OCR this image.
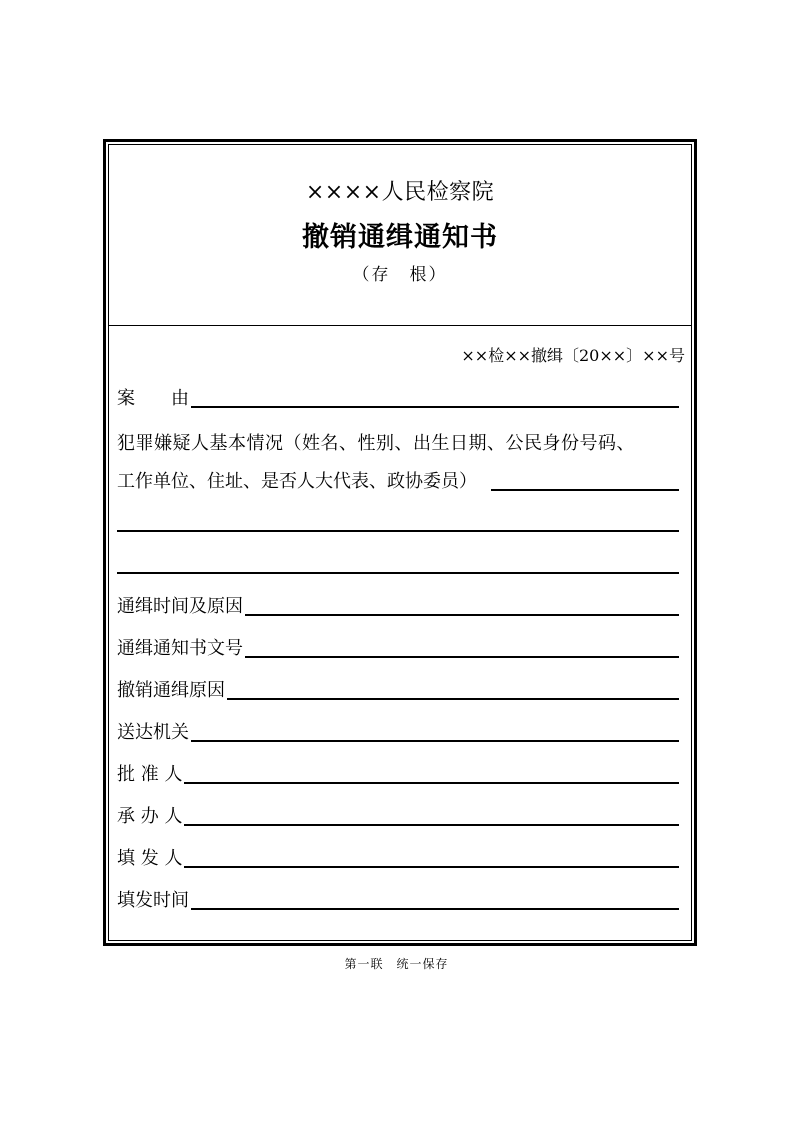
××××人民检察院
撤销通缉通知书
（存　根）
××检××撤缉〔20××〕××号
案　　由
犯罪嫌疑人基本情况（姓名、性别、出生日期、公民身份号码、
工作单位、住址、是否人大代表、政协委员）
通缉时间及原因
通缉通知书文号
撤销通缉原因
送达机关
批 准 人
承 办 人
填 发 人
填发时间
第一联　统一保存
